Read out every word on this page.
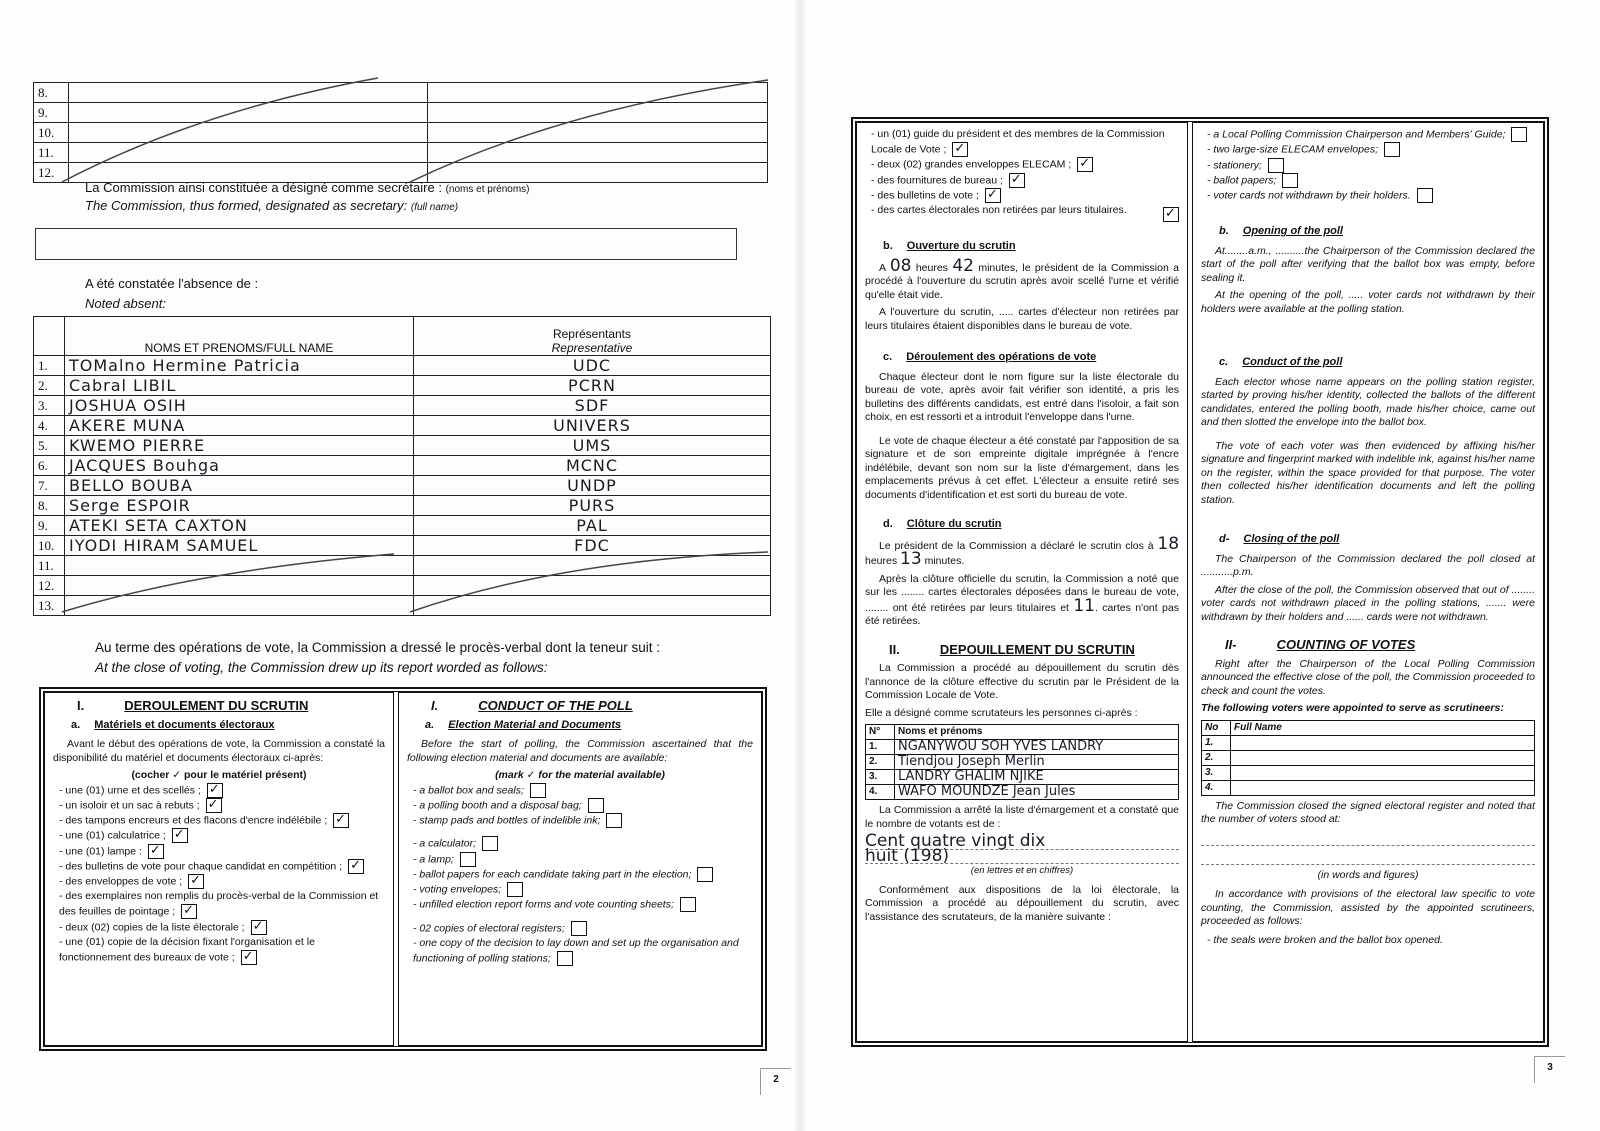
8.		
9.		
10.		
11.		
12.		
La Commission ainsi constituée a désigné comme secrétaire : (noms et prénoms)
The Commission, thus formed, designated as secretary: (full name)
A été constatée l'absence de :
Noted absent:
	NOMS ET PRENOMS/FULL NAME	Représentants
Representative

1.	TOMalno Hermine Patricia	UDC
2.	Cabral LIBIL	PCRN
3.	JOSHUA OSIH	SDF
4.	AKERE MUNA	UNIVERS
5.	KWEMO PIERRE	UMS
6.	JACQUES Bouhga	MCNC
7.	BELLO BOUBA	UNDP
8.	Serge ESPOIR	PURS
9.	ATEKI SETA CAXTON	PAL
10.	IYODI HIRAM SAMUEL	FDC
11.		
12.		
13.		
Au terme des opérations de vote, la Commission a dressé le procès-verbal dont la teneur suit :
At the close of voting, the Commission drew up its report worded as follows:
I.	DEROULEMENT DU SCRUTIN
a. Matériels et documents électoraux

Avant le début des opérations de vote, la Commission a constaté la disponibilité du matériel et documents électoraux ci-après:

(cocher ✓ pour le matériel présent)
- une (01) urne et des scellés ;✓
- un isoloir et un sac à rebuts ;✓
- des tampons encreurs et des flacons d'encre indélébile ;✓
- une (01) calculatrice ;✓
- une (01) lampe :✓
- des bulletins de vote pour chaque candidat en compétition ;✓
- des enveloppes de vote ;✓
- des exemplaires non remplis du procès-verbal de la Commission et des feuilles de pointage ;✓
- deux (02) copies de la liste électorale ;✓
- une (01) copie de la décision fixant l'organisation et le fonctionnement des bureaux de vote ;✓
I.	CONDUCT OF THE POLL
a. Election Material and Documents

Before the start of polling, the Commission ascertained that the following election material and documents are available:

(mark ✓ for the material available)
- a ballot box and seals;
- a polling booth and a disposal bag;
- stamp pads and bottles of indelible ink;
- a calculator;
- a lamp;
- ballot papers for each candidate taking part in the election;
- voting envelopes;
- unfilled election report forms and vote counting sheets;
- 02 copies of electoral registers;
- one copy of the decision to lay down and set up the organisation and functioning of polling stations;
2
- un (01) guide du président et des membres de la Commission Locale de Vote ;✓
- deux (02) grandes enveloppes ELECAM ;✓
- des fournitures de bureau ;✓
- des bulletins de vote ;✓
- des cartes électorales non retirées par leurs titulaires.
✓
b. Ouverture du scrutin

A 08 heures 42 minutes, le président de la Commission a procédé à l'ouverture du scrutin après avoir scellé l'urne et vérifié qu'elle était vide.

A l'ouverture du scrutin, ..... cartes d'électeur non retirées par leurs titulaires étaient disponibles dans le bureau de vote.

c. Déroulement des opérations de vote

Chaque électeur dont le nom figure sur la liste électorale du bureau de vote, après avoir fait vérifier son identité, a pris les bulletins des différents candidats, est entré dans l'isoloir, a fait son choix, en est ressorti et a introduit l'enveloppe dans l'urne.

Le vote de chaque électeur a été constaté par l'apposition de sa signature et de son empreinte digitale imprégnée à l'encre indélébile, devant son nom sur la liste d'émargement, dans les emplacements prévus à cet effet. L'électeur a ensuite retiré ses documents d'identification et est sorti du bureau de vote.

d. Clôture du scrutin

Le président de la Commission a déclaré le scrutin clos à 18 heures 13 minutes.

Après la clôture officielle du scrutin, la Commission a noté que sur les ........ cartes électorales déposées dans le bureau de vote, ........ ont été retirées par leurs titulaires et 11. cartes n'ont pas été retirées.

II.	DEPOUILLEMENT DU SCRUTIN

La Commission a procédé au dépouillement du scrutin dès l'annonce de la clôture effective du scrutin par le Président de la Commission Locale de Vote.

Elle a désigné comme scrutateurs les personnes ci-après :
N°	Noms et prénoms
1.	NGANYWOU SOH YVES LANDRY
2.	Tiendjou Joseph Merlin
3.	LANDRY GHALIM NJIKE
4.	WAFO MOUNDZE Jean Jules

La Commission a arrêté la liste d'émargement et a constaté que le nombre de votants est de :

Cent quatre vingt dix
huit (198)
(en lettres et en chiffres)

Conformément aux dispositions de la loi électorale, la Commission a procédé au dépouillement du scrutin, avec l'assistance des scrutateurs, de la manière suivante :

- a Local Polling Commission Chairperson and Members' Guide;
- two large-size ELECAM envelopes;
- stationery;
- ballot papers;
- voter cards not withdrawn by their holders.
b. Opening of the poll

At........a.m., ..........the Chairperson of the Commission declared the start of the poll after verifying that the ballot box was empty, before sealing it.

At the opening of the poll, ..... voter cards not withdrawn by their holders were available at the polling station.

c. Conduct of the poll

Each elector whose name appears on the polling station register, started by proving his/her identity, collected the ballots of the different candidates, entered the polling booth, made his/her choice, came out and then slotted the envelope into the ballot box.

The vote of each voter was then evidenced by affixing his/her signature and fingerprint marked with indelible ink, against his/her name on the register, within the space provided for that purpose. The voter then collected his/her identification documents and left the polling station.

d- Closing of the poll

The Chairperson of the Commission declared the poll closed at ...........p.m.

After the close of the poll, the Commission observed that out of ........ voter cards not withdrawn placed in the polling stations, ....... were withdrawn by their holders and ...... cards were not withdrawn.

II-	COUNTING OF VOTES

Right after the Chairperson of the Local Polling Commission announced the effective close of the poll, the Commission proceeded to check and count the votes.

The following voters were appointed to serve as scrutineers:
No	Full Name
1.	
2.	
3.	
4.	

The Commission closed the signed electoral register and noted that the number of voters stood at:

(in words and figures)

In accordance with provisions of the electoral law specific to vote counting, the Commission, assisted by the appointed scrutineers, proceeded as follows:

- the seals were broken and the ballot box opened.
3
